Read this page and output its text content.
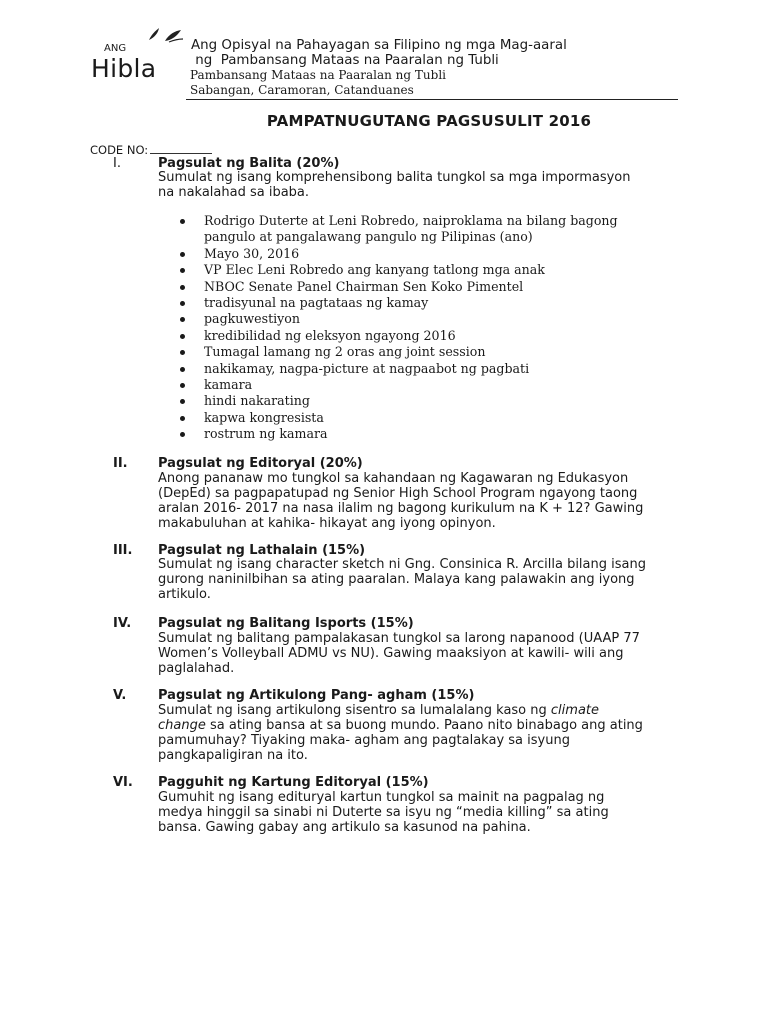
ANG
Hibla
Ang Opisyal na Pahayagan sa Filipino ng mga Mag-aaral
ng  Pambansang Mataas na Paaralan ng Tubli
Pambansang Mataas na Paaralan ng Tubli
Sabangan, Caramoran, Catanduanes
PAMPATNUGUTANG PAGSUSULIT 2016
CODE NO:
I.	Pagsulat ng Balita (20%)

Sumulat ng isang komprehensibong balita tungkol sa mga impormasyon

na nakalahad sa ibaba.

Rodrigo Duterte at Leni Robredo, naiproklama na bilang bagong
pangulo at pangalawang pangulo ng Pilipinas (ano)
Mayo 30, 2016
VP Elec Leni Robredo ang kanyang tatlong mga anak
NBOC Senate Panel Chairman Sen Koko Pimentel
tradisyunal na pagtataas ng kamay
pagkuwestiyon
kredibilidad ng eleksyon ngayong 2016
Tumagal lamang ng 2 oras ang joint session
nakikamay, nagpa-picture at nagpaabot ng pagbati
kamara
hindi nakarating
kapwa kongresista
rostrum ng kamara
II. Pagsulat ng Editoryal (20%)

Anong pananaw mo tungkol sa kahandaan ng Kagawaran ng Edukasyon

(DepEd) sa pagpapatupad ng Senior High School Program ngayong taong

aralan 2016- 2017 na nasa ilalim ng bagong kurikulum na K + 12? Gawing

makabuluhan at kahika- hikayat ang iyong opinyon.

III. Pagsulat ng Lathalain (15%)

Sumulat ng isang character sketch ni Gng. Consinica R. Arcilla bilang isang

gurong naninilbihan sa ating paaralan. Malaya kang palawakin ang iyong

artikulo.

IV. Pagsulat ng Balitang Isports (15%)

Sumulat ng balitang pampalakasan tungkol sa larong napanood (UAAP 77

Women’s Volleyball ADMU vs NU). Gawing maaksiyon at kawili- wili ang

paglalahad.

V. Pagsulat ng Artikulong Pang- agham (15%)

Sumulat ng isang artikulong sisentro sa lumalalang kaso ng climate

change sa ating bansa at sa buong mundo. Paano nito binabago ang ating

pamumuhay? Tiyaking maka- agham ang pagtalakay sa isyung

pangkapaligiran na ito.

VI. Pagguhit ng Kartung Editoryal (15%)

Gumuhit ng isang edituryal kartun tungkol sa mainit na pagpalag ng

medya hinggil sa sinabi ni Duterte sa isyu ng “media killing” sa ating

bansa. Gawing gabay ang artikulo sa kasunod na pahina.
